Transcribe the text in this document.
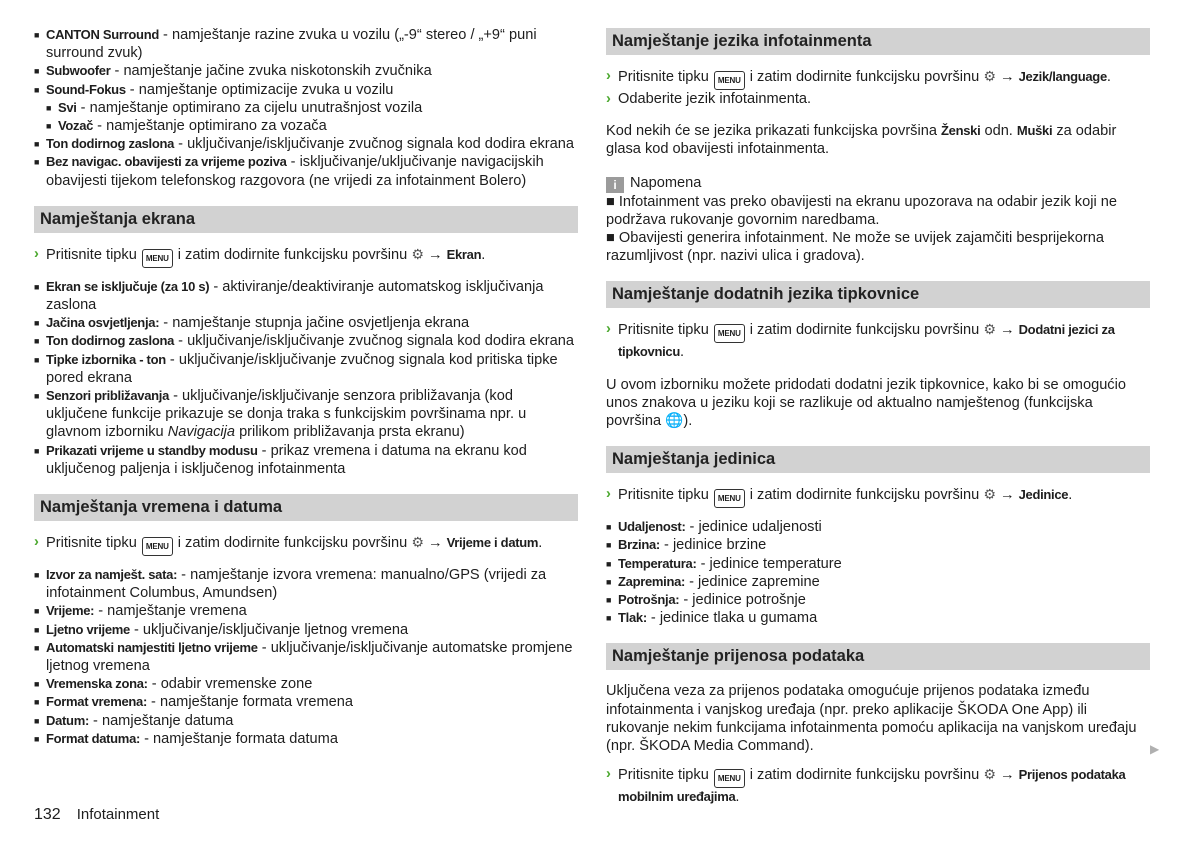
■ CANTON Surround - namještanje razine zvuka u vozilu („-9“ stereo / „+9“ puni surround zvuk)
■ Subwoofer - namještanje jačine zvuka niskotonskih zvučnika
■ Sound-Fokus - namještanje optimizacije zvuka u vozilu
■ Svi - namještanje optimirano za cijelu unutrašnjost vozila
■ Vozač - namještanje optimirano za vozača
■ Ton dodirnog zaslona - uključivanje/isključivanje zvučnog signala kod dodira ekrana
■ Bez navigac. obavijesti za vrijeme poziva - isključivanje/uključivanje navigacijskih obavijesti tijekom telefonskog razgovora (ne vrijedi za infotainment Bolero)
Namještanja ekrana
› Pritisnite tipku MENU i zatim dodirnite funkcijsku površinu ⚙ → Ekran.
■ Ekran se isključuje (za 10 s) - aktiviranje/deaktiviranje automatskog isključivanja zaslona
■ Jačina osvjetljenja: - namještanje stupnja jačine osvjetljenja ekrana
■ Ton dodirnog zaslona - uključivanje/isključivanje zvučnog signala kod dodira ekrana
■ Tipke izbornika - ton - uključivanje/isključivanje zvučnog signala kod pritiska tipke pored ekrana
■ Senzori približavanja - uključivanje/isključivanje senzora približavanja (kod uključene funkcije prikazuje se donja traka s funkcijskim površinama npr. u glavnom izborniku Navigacija prilikom približavanja prsta ekranu)
■ Prikazati vrijeme u standby modusu - prikaz vremena i datuma na ekranu kod uključenog paljenja i isključenog infotainmenta
Namještanja vremena i datuma
› Pritisnite tipku MENU i zatim dodirnite funkcijsku površinu ⚙ → Vrijeme i datum.
■ Izvor za namješt. sata: - namještanje izvora vremena: manualno/GPS (vrijedi za infotainment Columbus, Amundsen)
■ Vrijeme: - namještanje vremena
■ Ljetno vrijeme - uključivanje/isključivanje ljetnog vremena
■ Automatski namjestiti ljetno vrijeme - uključivanje/isključivanje automatske promjene ljetnog vremena
■ Vremenska zona: - odabir vremenske zone
■ Format vremena: - namještanje formata vremena
■ Datum: - namještanje datuma
■ Format datuma: - namještanje formata datuma
Namještanje jezika infotainmenta
› Pritisnite tipku MENU i zatim dodirnite funkcijsku površinu ⚙ → Jezik/language.
› Odaberite jezik infotainmenta.
Kod nekih će se jezika prikazati funkcijska površina Ženski odn. Muški za odabir glasa kod obavijesti infotainmenta.
i Napomena
■ Infotainment vas preko obavijesti na ekranu upozorava na odabir jezik koji ne podržava rukovanje govornim naredbama.
■ Obavijesti generira infotainment. Ne može se uvijek zajamčiti besprijekorna razumljivost (npr. nazivi ulica i gradova).
Namještanje dodatnih jezika tipkovnice
› Pritisnite tipku MENU i zatim dodirnite funkcijsku površinu ⚙ → Dodatni jezici za tipkovnicu.
U ovom izborniku možete pridodati dodatni jezik tipkovnice, kako bi se omogućio unos znakova u jeziku koji se razlikuje od aktualno namještenog (funkcijska površina 🌐).
Namještanja jedinica
› Pritisnite tipku MENU i zatim dodirnite funkcijsku površinu ⚙ → Jedinice.
■ Udaljenost: - jedinice udaljenosti
■ Brzina: - jedinice brzine
■ Temperatura: - jedinice temperature
■ Zapremina: - jedinice zapremine
■ Potrošnja: - jedinice potrošnje
■ Tlak: - jedinice tlaka u gumama
Namještanje prijenosa podataka
Uključena veza za prijenos podataka omogućuje prijenos podataka između infotainmenta i vanjskog uređaja (npr. preko aplikacije ŠKODA One App) ili rukovanje nekim funkcijama infotainmenta pomoću aplikacija na vanjskom uređaju (npr. ŠKODA Media Command).
› Pritisnite tipku MENU i zatim dodirnite funkcijsku površinu ⚙ → Prijenos podataka mobilnim uređajima.
▶
132 Infotainment
